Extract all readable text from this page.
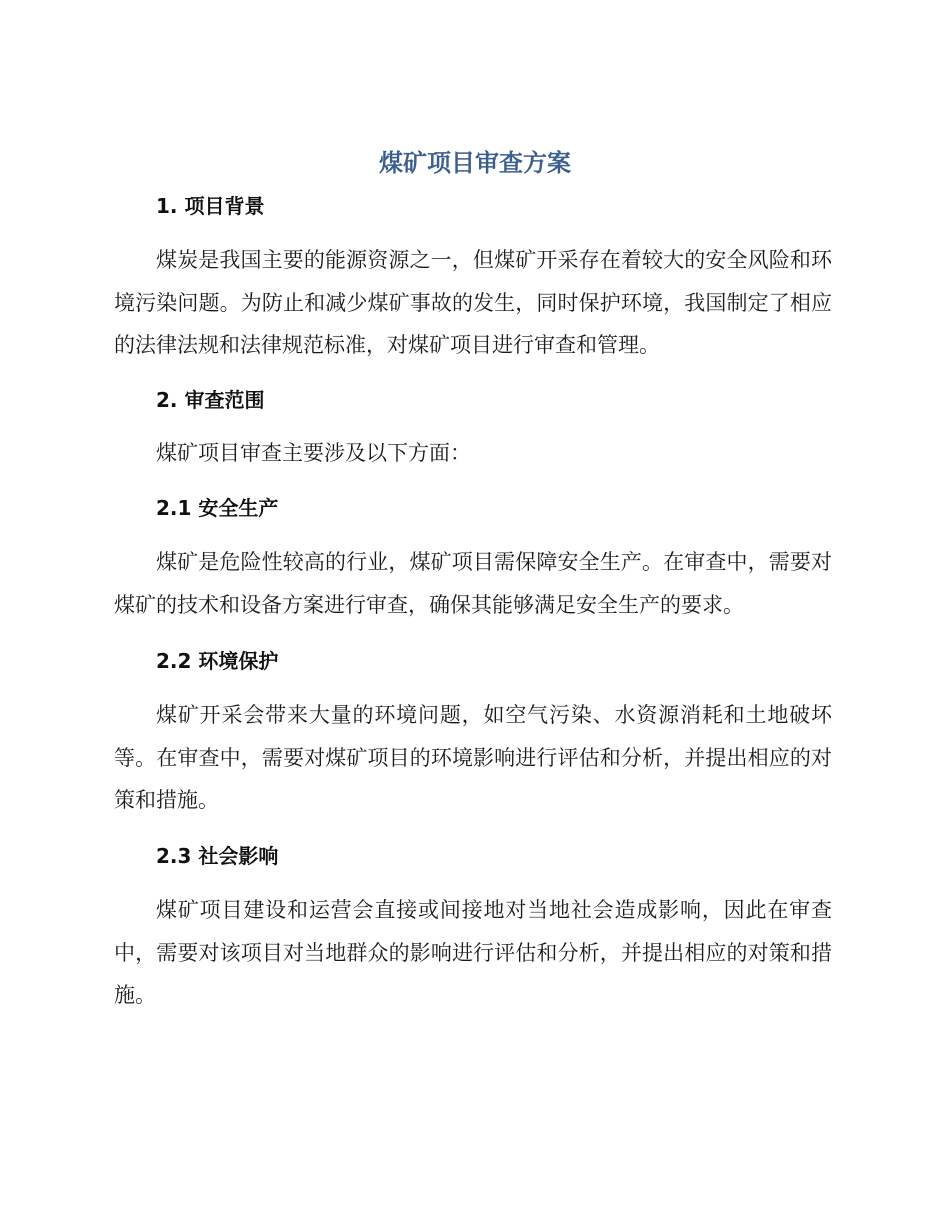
煤矿项目审查方案
1. 项目背景

煤炭是我国主要的能源资源之一，但煤矿开采存在着较大的安全风险和环境污染问题。为防止和减少煤矿事故的发生，同时保护环境，我国制定了相应的法律法规和法律规范标准，对煤矿项目进行审查和管理。

2. 审查范围

煤矿项目审查主要涉及以下方面：

2.1 安全生产

煤矿是危险性较高的行业，煤矿项目需保障安全生产。在审查中，需要对煤矿的技术和设备方案进行审查，确保其能够满足安全生产的要求。

2.2 环境保护

煤矿开采会带来大量的环境问题，如空气污染、水资源消耗和土地破坏等。在审查中，需要对煤矿项目的环境影响进行评估和分析，并提出相应的对策和措施。

2.3 社会影响

煤矿项目建设和运营会直接或间接地对当地社会造成影响，因此在审查中，需要对该项目对当地群众的影响进行评估和分析，并提出相应的对策和措施。
